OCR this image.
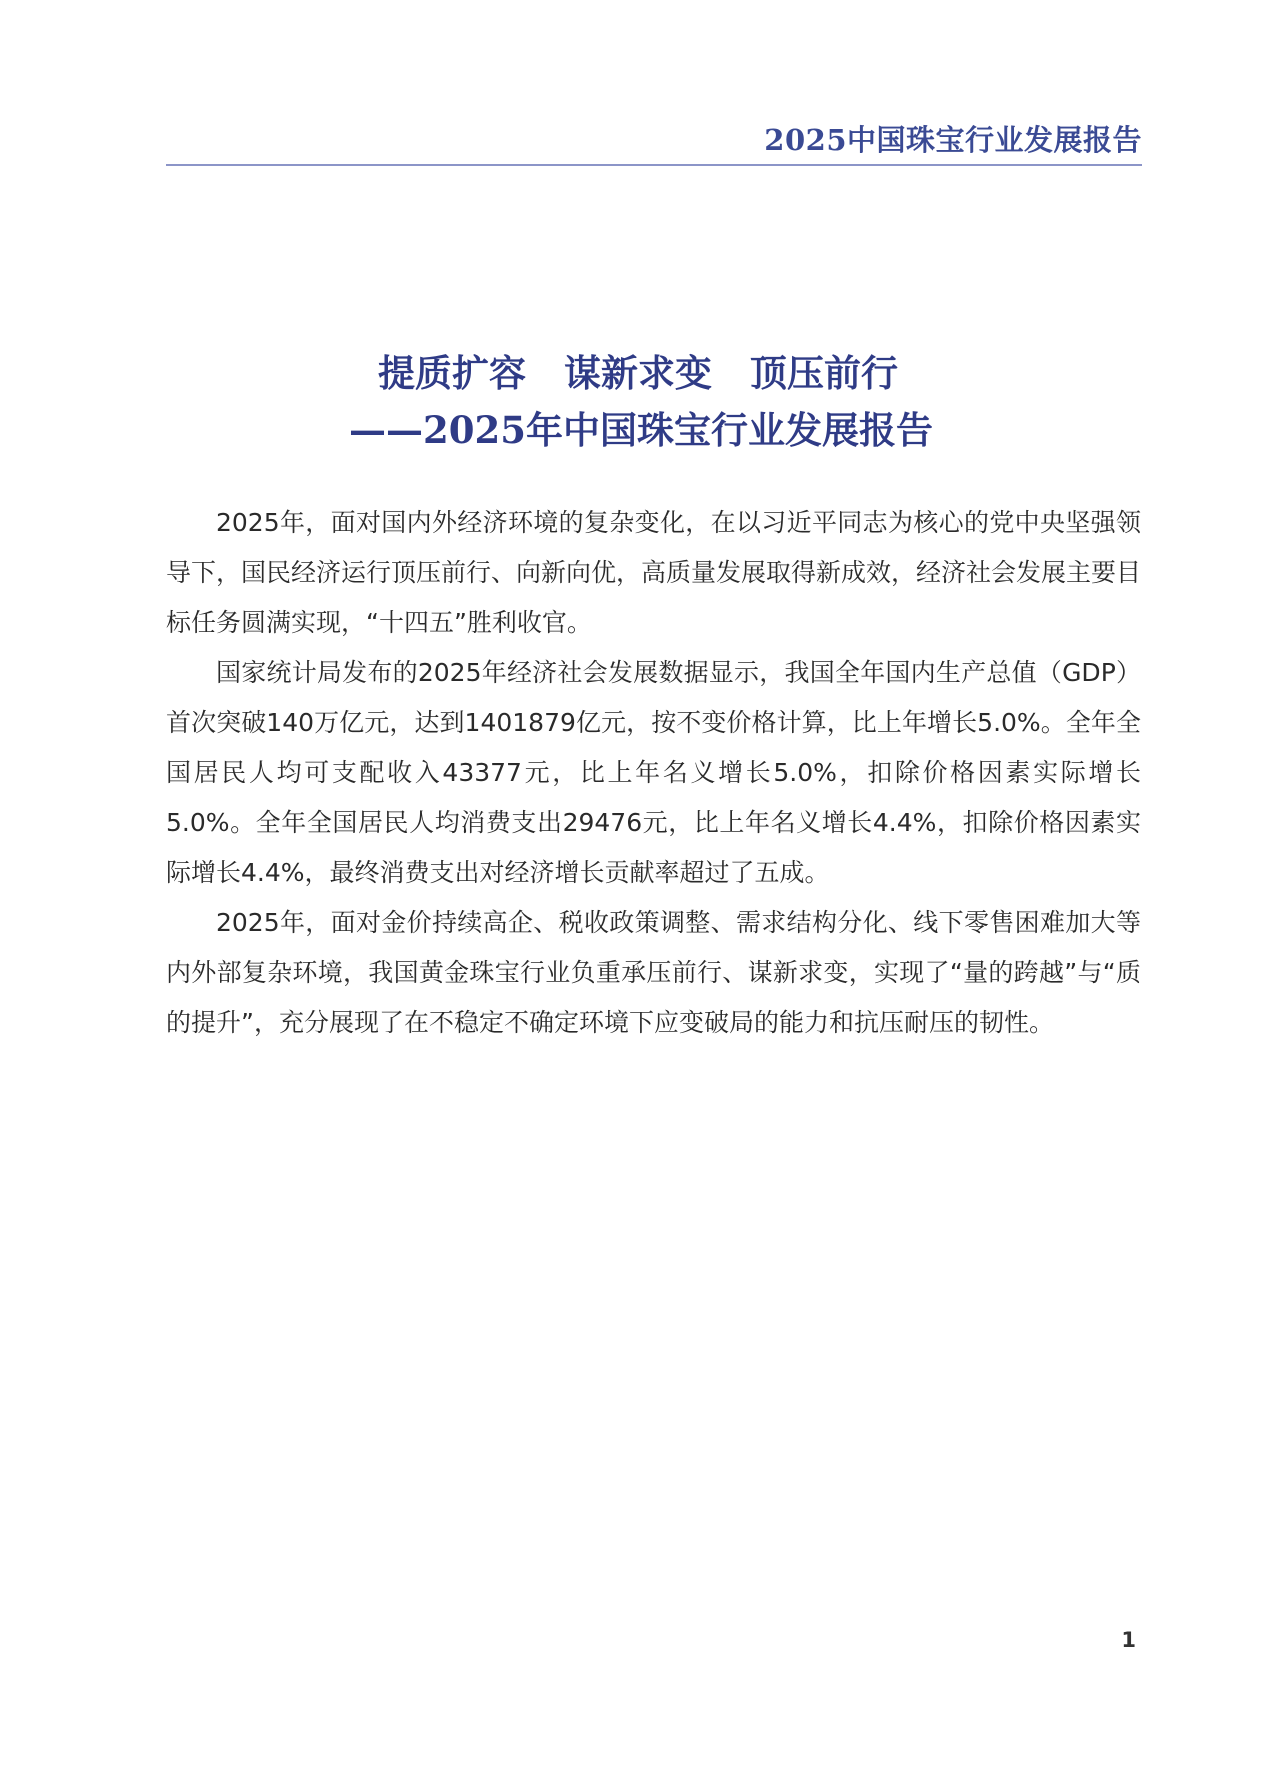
2025中国珠宝行业发展报告
提质扩容 谋新求变 顶压前行
——2025年中国珠宝行业发展报告

2025年，面对国内外经济环境的复杂变化，在以习近平同志为核心的党中央坚强领导下，国民经济运行顶压前行、向新向优，高质量发展取得新成效，经济社会发展主要目标任务圆满实现，“十四五”胜利收官。

国家统计局发布的2025年经济社会发展数据显示，我国全年国内生产总值（GDP）首次突破140万亿元，达到1401879亿元，按不变价格计算，比上年增长5.0%。全年全国居民人均可支配收入43377元，比上年名义增长5.0%，扣除价格因素实际增长5.0%。全年全国居民人均消费支出29476元，比上年名义增长4.4%，扣除价格因素实际增长4.4%，最终消费支出对经济增长贡献率超过了五成。

2025年，面对金价持续高企、税收政策调整、需求结构分化、线下零售困难加大等内外部复杂环境，我国黄金珠宝行业负重承压前行、谋新求变，实现了“量的跨越”与“质的提升”，充分展现了在不稳定不确定环境下应变破局的能力和抗压耐压的韧性。

1
